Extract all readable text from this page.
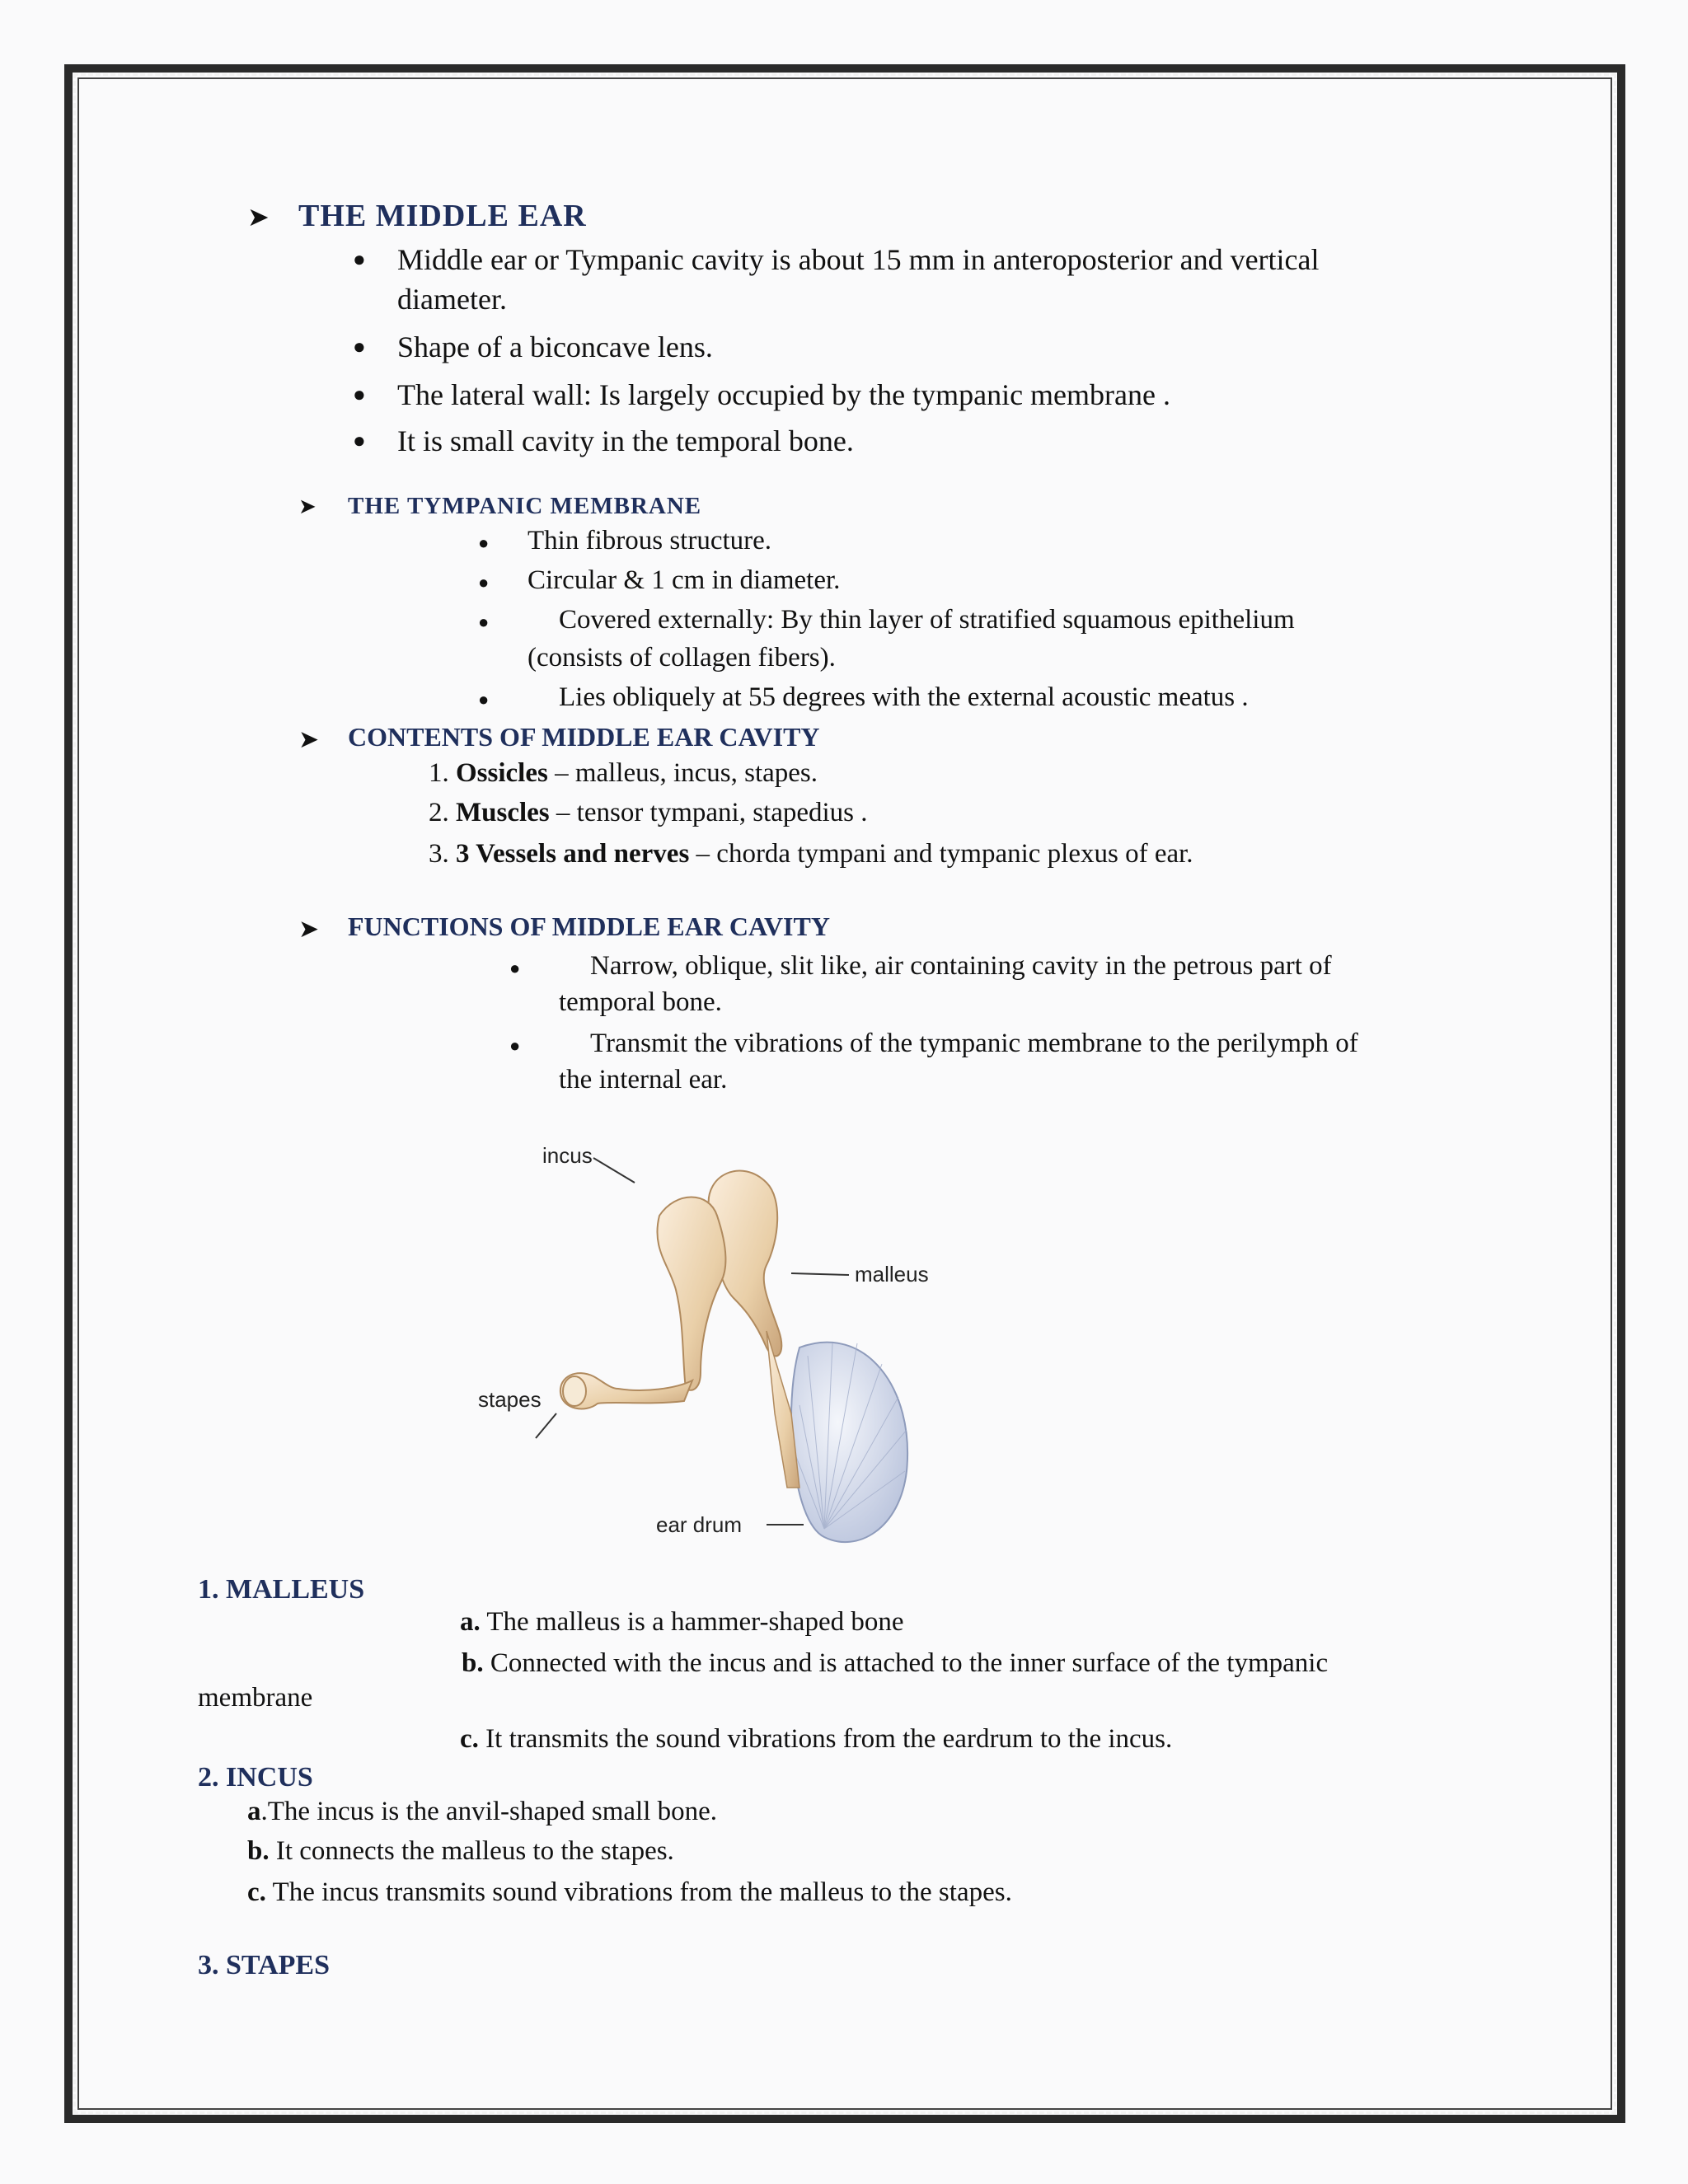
➤ THE MIDDLE EAR
● Middle ear or Tympanic cavity is about 15 mm in anteroposterior and vertical
diameter.
● Shape of a biconcave lens.
● The lateral wall: Is largely occupied by the tympanic membrane .
● It is small cavity in the temporal bone.
➤ THE TYMPANIC MEMBRANE
● Thin fibrous structure.
● Circular & 1 cm in diameter.
●	Covered externally: By thin layer of stratified squamous epithelium
(consists of collagen fibers).
●	Lies obliquely at 55 degrees with the external acoustic meatus .
➤ CONTENTS OF MIDDLE EAR CAVITY
1. Ossicles – malleus, incus, stapes.
2. Muscles – tensor tympani, stapedius .
3. 3 Vessels and nerves – chorda tympani and tympanic plexus of ear.
➤ FUNCTIONS OF MIDDLE EAR CAVITY
●	Narrow, oblique, slit like, air containing cavity in the petrous part of
temporal bone.
●	Transmit the vibrations of the tympanic membrane to the perilymph of
the internal ear.
incus
malleus
stapes
ear drum
1. MALLEUS
a. The malleus is a hammer-shaped bone
b. Connected with the incus and is attached to the inner surface of the tympanic
membrane
c. It transmits the sound vibrations from the eardrum to the incus.
2. INCUS
a.The incus is the anvil-shaped small bone.
b. It connects the malleus to the stapes.
c. The incus transmits sound vibrations from the malleus to the stapes.
3. STAPES
